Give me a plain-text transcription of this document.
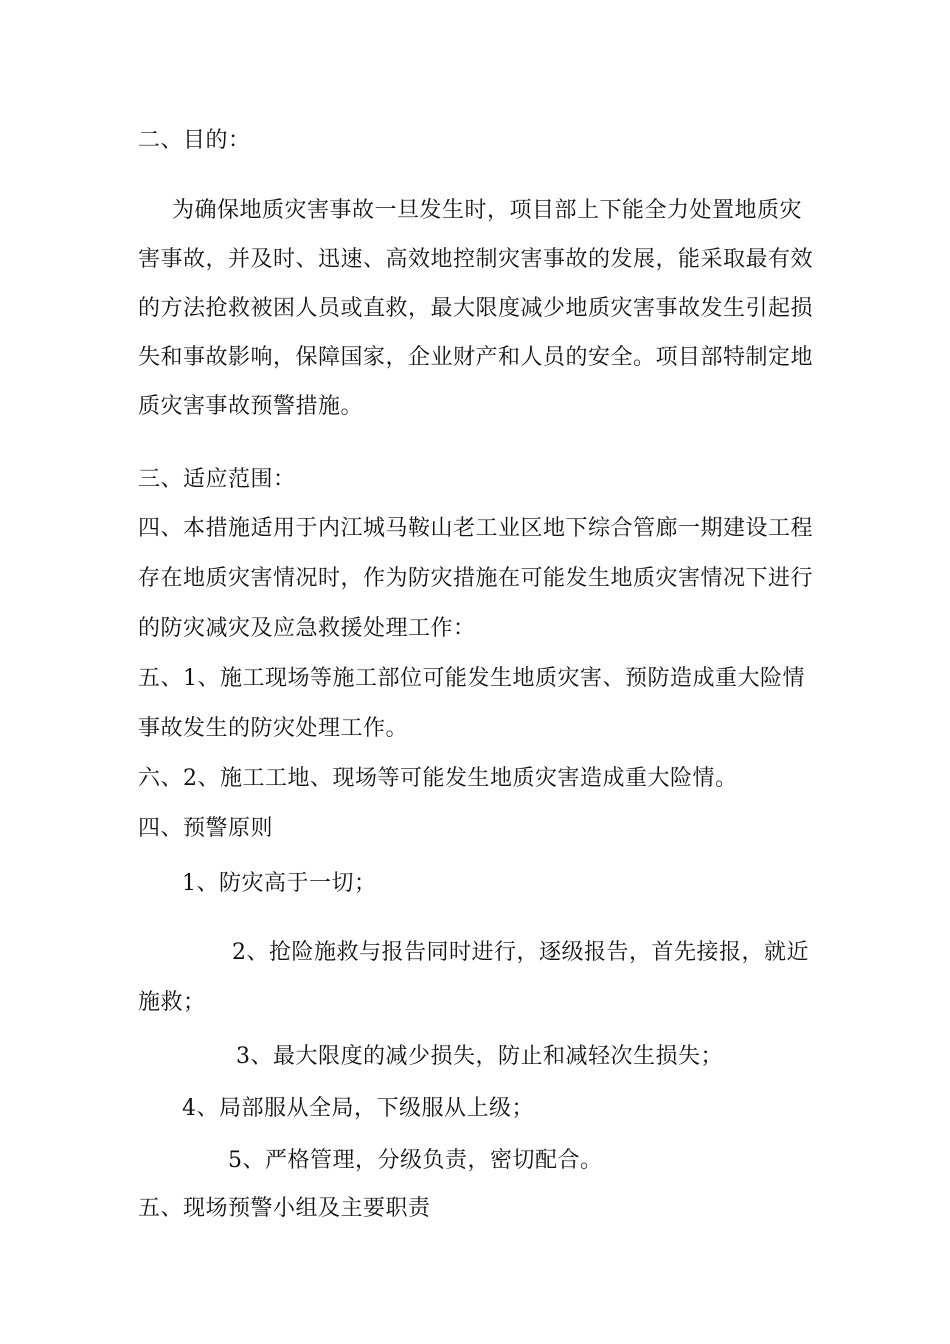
二、目的：
为确保地质灾害事故一旦发生时，项目部上下能全力处置地质灾
害事故，并及时、迅速、高效地控制灾害事故的发展，能采取最有效
的方法抢救被困人员或直救，最大限度减少地质灾害事故发生引起损
失和事故影响，保障国家，企业财产和人员的安全。项目部特制定地
质灾害事故预警措施。
三、适应范围：
四、本措施适用于内江城马鞍山老工业区地下综合管廊一期建设工程
存在地质灾害情况时，作为防灾措施在可能发生地质灾害情况下进行
的防灾减灾及应急救援处理工作：
五、1、施工现场等施工部位可能发生地质灾害、预防造成重大险情
事故发生的防灾处理工作。
六、2、施工工地、现场等可能发生地质灾害造成重大险情。
四、预警原则
1、防灾高于一切；
2、抢险施救与报告同时进行，逐级报告，首先接报，就近
施救；
3、最大限度的减少损失，防止和减轻次生损失；
4、局部服从全局，下级服从上级；
5、严格管理，分级负责，密切配合。
五、现场预警小组及主要职责
